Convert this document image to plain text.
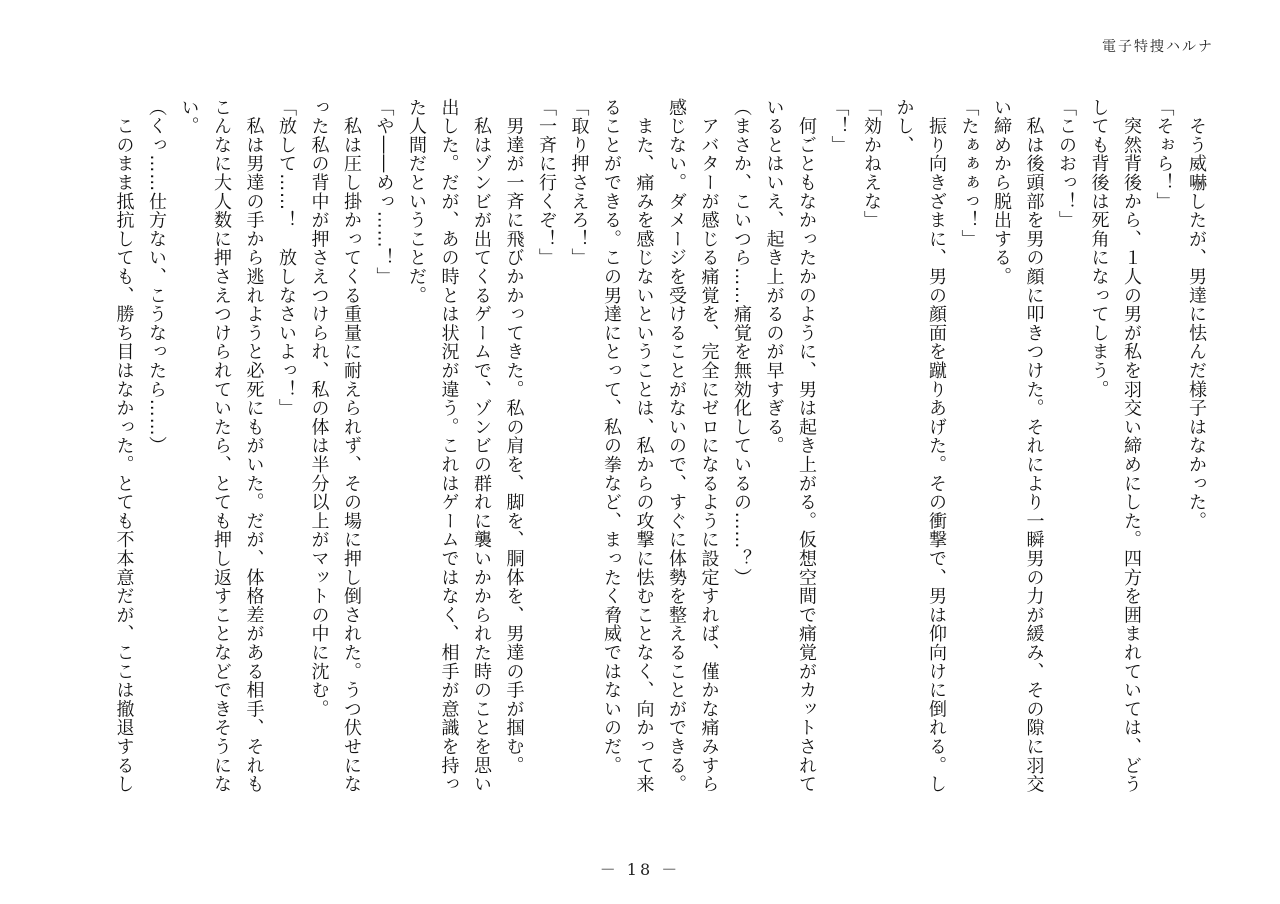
電子特捜ハルナ
　そう威嚇したが、男達に怯んだ様子はなかった。
「そぉら！」
　突然背後から、１人の男が私を羽交い締めにした。四方を囲まれていては、どう
しても背後は死角になってしまう。
「このおっ！」
　私は後頭部を男の顔に叩きつけた。それにより一瞬男の力が緩み、その隙に羽交
い締めから脱出する。
「たぁぁぁっ！」
　振り向きざまに、男の顔面を蹴りあげた。その衝撃で、男は仰向けに倒れる。し
かし、
「効かねえな」
「！」
　何ごともなかったかのように、男は起き上がる。仮想空間で痛覚がカットされて
いるとはいえ、起き上がるのが早すぎる。
（まさか、こいつら……痛覚を無効化しているの……？）
　アバターが感じる痛覚を、完全にゼロになるように設定すれば、僅かな痛みすら
感じない。ダメージを受けることがないので、すぐに体勢を整えることができる。
　また、痛みを感じないということは、私からの攻撃に怯むことなく、向かって来
ることができる。この男達にとって、私の拳など、まったく脅威ではないのだ。
「取り押さえろ！」
「一斉に行くぞ！」
　男達が一斉に飛びかかってきた。私の肩を、脚を、胴体を、男達の手が掴む。
　私はゾンビが出てくるゲームで、ゾンビの群れに襲いかかられた時のことを思い
出した。だが、あの時とは状況が違う。これはゲームではなく、相手が意識を持っ
た人間だということだ。
「や――めっ……！」
　私は圧し掛かってくる重量に耐えられず、その場に押し倒された。うつ伏せにな
った私の背中が押さえつけられ、私の体は半分以上がマットの中に沈む。
「放して……！　放しなさいよっ！」
　私は男達の手から逃れようと必死にもがいた。だが、体格差がある相手、それも
こんなに大人数に押さえつけられていたら、とても押し返すことなどできそうにな
い。
（くっ……仕方ない、こうなったら……）
　このまま抵抗しても、勝ち目はなかった。とても不本意だが、ここは撤退するし
－ 18 －
